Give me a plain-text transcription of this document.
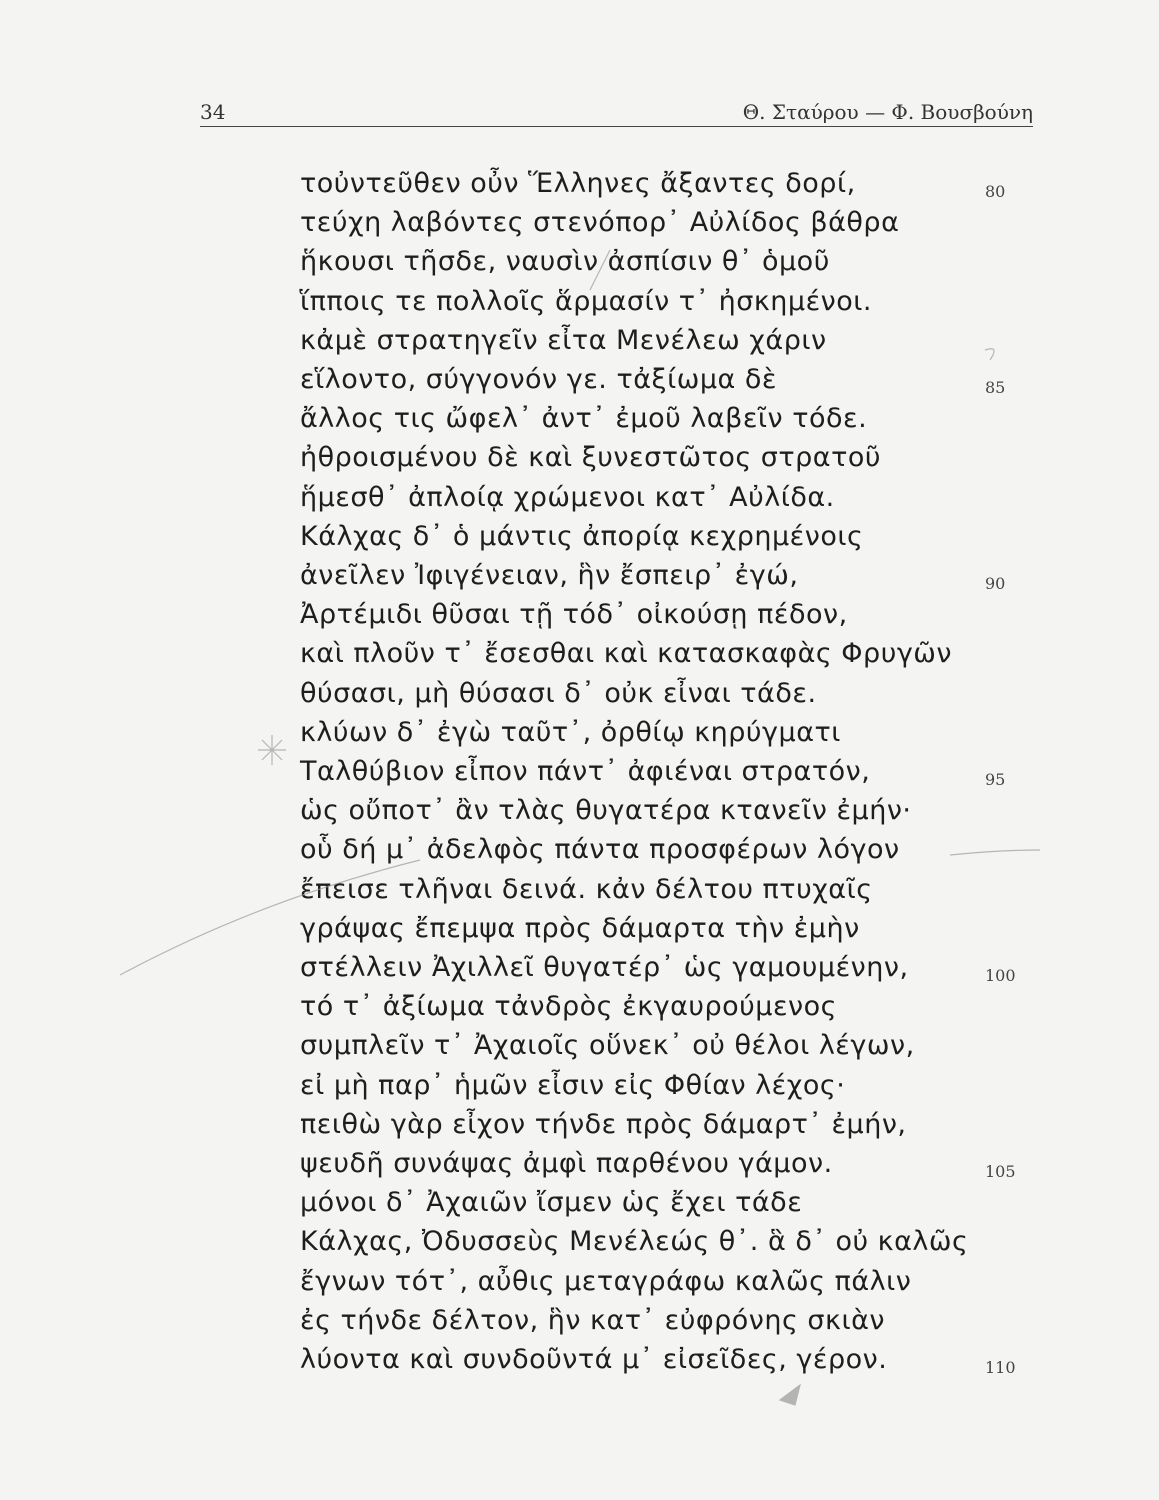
34	Θ. Σταύρου — Φ. Βουσβούνη
τοὐντεῦθεν οὖν Ἕλληνες ἄξαντες δορί,	80
τεύχη λαβόντες στενόπορ᾽ Αὐλίδος βάθρα
ἥκουσι τῆσδε, ναυσὶν ἀσπίσιν θ᾽ ὁμοῦ
ἵπποις τε πολλοῖς ἅρμασίν τ᾽ ἠσκημένοι.
κἀμὲ στρατηγεῖν εἶτα Μενέλεω χάριν
εἵλοντο, σύγγονόν γε. τἀξίωμα δὲ	85
ἄλλος τις ὤφελ᾽ ἀντ᾽ ἐμοῦ λαβεῖν τόδε.
ἠθροισμένου δὲ καὶ ξυνεστῶτος στρατοῦ
ἥμεσθ᾽ ἀπλοίᾳ χρώμενοι κατ᾽ Αὐλίδα.
Κάλχας δ᾽ ὁ μάντις ἀπορίᾳ κεχρημένοις
ἀνεῖλεν Ἰφιγένειαν, ἣν ἔσπειρ᾽ ἐγώ,	90
Ἀρτέμιδι θῦσαι τῇ τόδ᾽ οἰκούσῃ πέδον,
καὶ πλοῦν τ᾽ ἔσεσθαι καὶ κατασκαφὰς Φρυγῶν
θύσασι, μὴ θύσασι δ᾽ οὐκ εἶναι τάδε.
κλύων δ᾽ ἐγὼ ταῦτ᾽, ὀρθίῳ κηρύγματι
Ταλθύβιον εἶπον πάντ᾽ ἀφιέναι στρατόν,	95
ὡς οὔποτ᾽ ἂν τλὰς θυγατέρα κτανεῖν ἐμήν·
οὗ δή μ᾽ ἀδελφὸς πάντα προσφέρων λόγον
ἔπεισε τλῆναι δεινά. κἀν δέλτου πτυχαῖς
γράψας ἔπεμψα πρὸς δάμαρτα τὴν ἐμὴν
στέλλειν Ἀχιλλεῖ θυγατέρ᾽ ὡς γαμουμένην,	100
τό τ᾽ ἀξίωμα τἀνδρὸς ἐκγαυρούμενος
συμπλεῖν τ᾽ Ἀχαιοῖς οὕνεκ᾽ οὐ θέλοι λέγων,
εἰ μὴ παρ᾽ ἡμῶν εἶσιν εἰς Φθίαν λέχος·
πειθὼ γὰρ εἶχον τήνδε πρὸς δάμαρτ᾽ ἐμήν,
ψευδῆ συνάψας ἀμφὶ παρθένου γάμον.	105
μόνοι δ᾽ Ἀχαιῶν ἴσμεν ὡς ἔχει τάδε
Κάλχας, Ὀδυσσεὺς Μενέλεώς θ᾽. ἃ δ᾽ οὐ καλῶς
ἔγνων τότ᾽, αὖθις μεταγράφω καλῶς πάλιν
ἐς τήνδε δέλτον, ἣν κατ᾽ εὐφρόνης σκιὰν
λύοντα καὶ συνδοῦντά μ᾽ εἰσεῖδες, γέρον.	110
